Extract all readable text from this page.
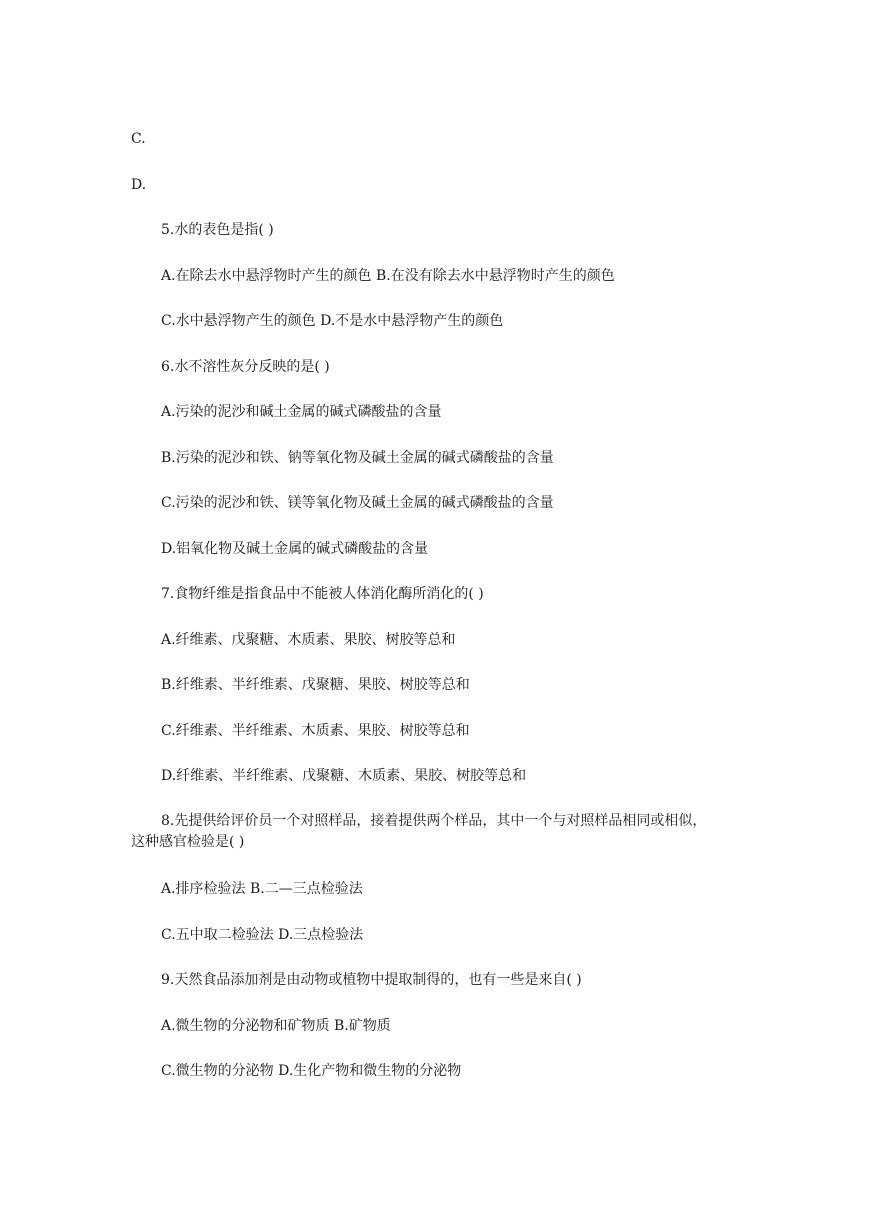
C.
D.
5.水的表色是指( )
A.在除去水中悬浮物时产生的颜色 B.在没有除去水中悬浮物时产生的颜色
C.水中悬浮物产生的颜色 D.不是水中悬浮物产生的颜色
6.水不溶性灰分反映的是( )
A.污染的泥沙和碱土金属的碱式磷酸盐的含量
B.污染的泥沙和铁、钠等氧化物及碱土金属的碱式磷酸盐的含量
C.污染的泥沙和铁、镁等氧化物及碱土金属的碱式磷酸盐的含量
D.铝氧化物及碱土金属的碱式磷酸盐的含量
7.食物纤维是指食品中不能被人体消化酶所消化的( )
A.纤维素、戊聚糖、木质素、果胶、树胶等总和
B.纤维素、半纤维素、戊聚糖、果胶、树胶等总和
C.纤维素、半纤维素、木质素、果胶、树胶等总和
D.纤维素、半纤维素、戊聚糖、木质素、果胶、树胶等总和
8.先提供给评价员一个对照样品，接着提供两个样品，其中一个与对照样品相同或相似，
这种感官检验是( )
A.排序检验法 B.二—三点检验法
C.五中取二检验法 D.三点检验法
9.天然食品添加剂是由动物或植物中提取制得的，也有一些是来自( )
A.微生物的分泌物和矿物质 B.矿物质
C.微生物的分泌物 D.生化产物和微生物的分泌物
